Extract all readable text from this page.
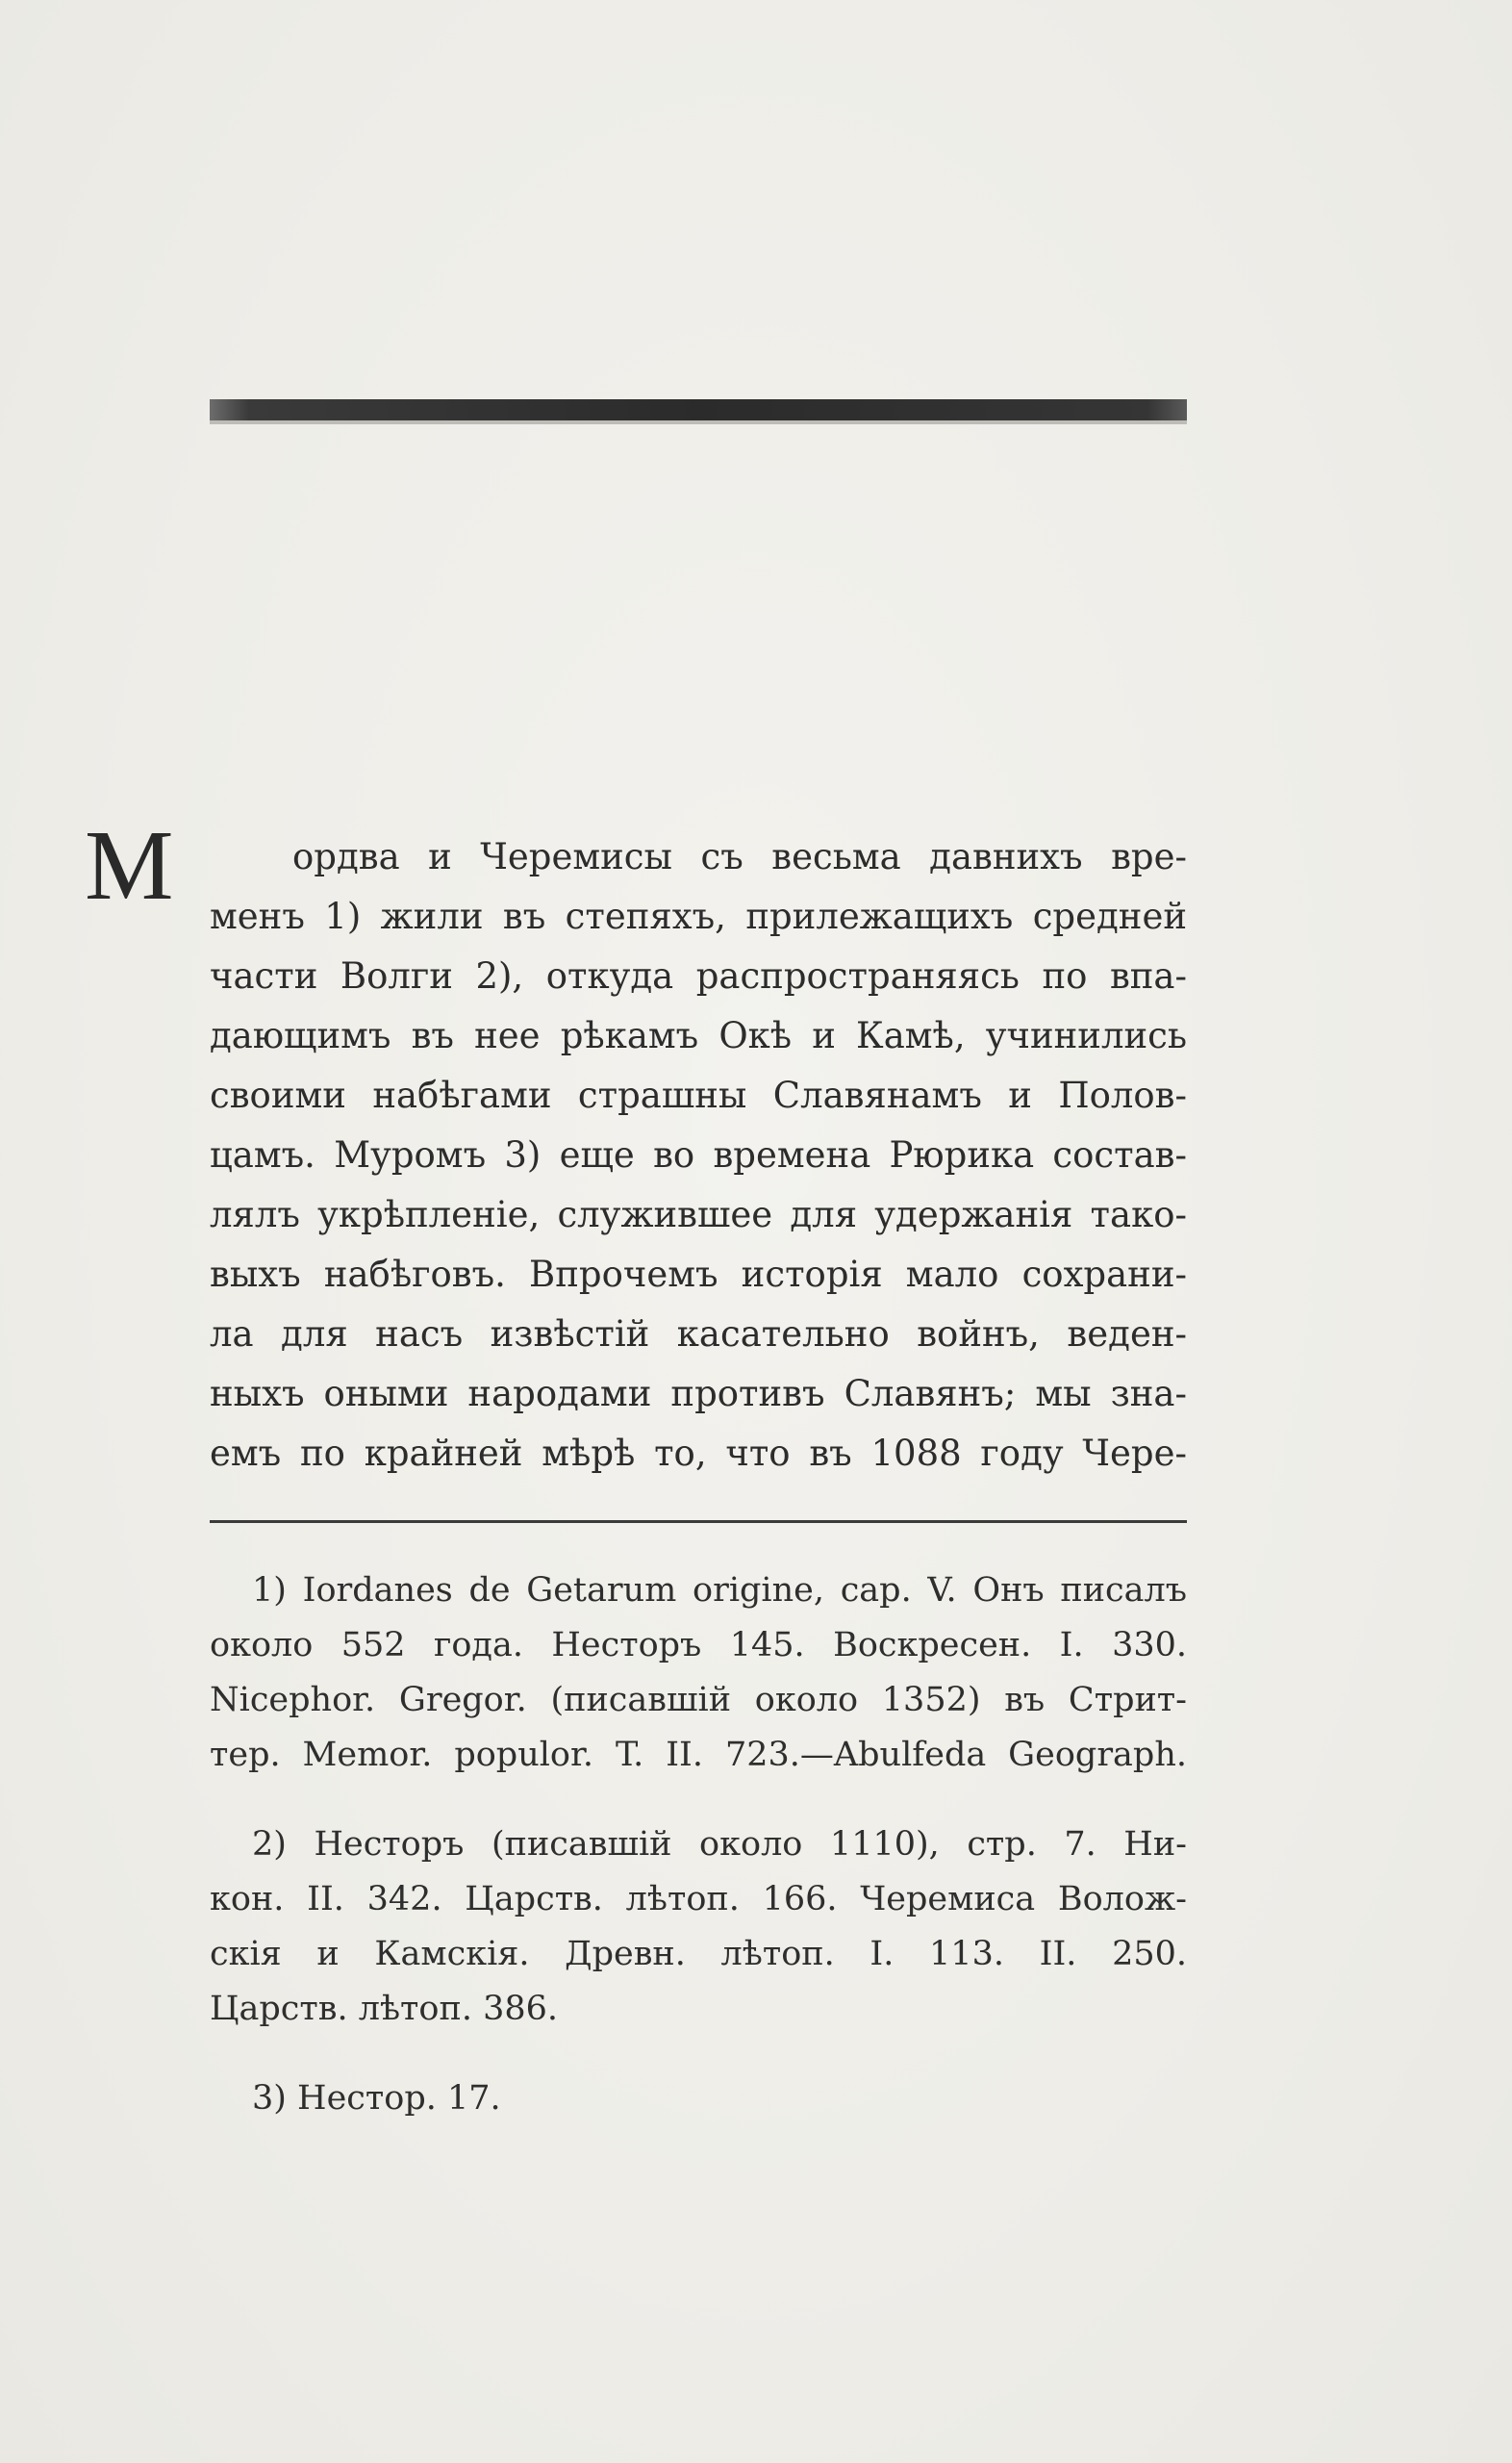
М	ордва и Черемисы съ весьма давнихъ вре-
менъ 1) жили въ степяхъ, прилежащихъ средней
части Волги 2), откуда распространяясь по впа-
дающимъ въ нее рѣкамъ Окѣ и Камѣ, учинились
своими набѣгами страшны Славянамъ и Полов-
цамъ. Муромъ 3) еще во времена Рюрика состав-
лялъ укрѣпленіе, служившее для удержанія тако-
выхъ набѣговъ. Впрочемъ исторія мало сохрани-
ла для насъ извѣстій касательно войнъ, веден-
ныхъ оными народами противъ Славянъ; мы зна-
емъ по крайней мѣрѣ то, что въ 1088 году Чере-
1) Iordanes de Getarum origine, cap. V. Онъ писалъ
около 552 года. Несторъ 145. Воскресен. I. 330.
Nicephor. Gregor. (писавшій около 1352) въ Стрит-
тер. Memor. populor. T. II. 723.—Abulfeda Geograph.
2) Несторъ (писавшій около 1110), стр. 7. Ни-
кон. II. 342. Царств. лѣтоп. 166. Черемиса Волож-
скія и Камскія. Древн. лѣтоп. I. 113. II. 250.
Царств. лѣтоп. 386.
3) Нестор. 17.
